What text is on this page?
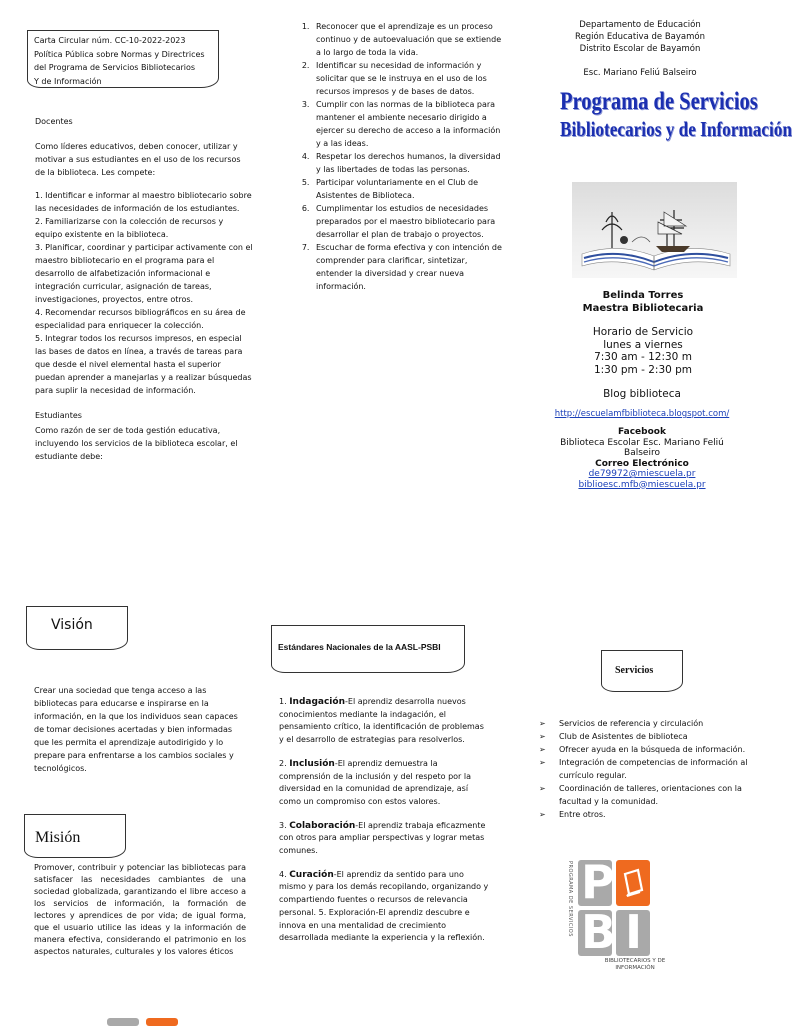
Carta Circular núm. CC-10-2022-2023
Política Pública sobre Normas y Directrices
del Programa de Servicios Bibliotecarios
Y de Información
Docentes
Como líderes educativos, deben conocer, utilizar y motivar a sus estudiantes en el uso de los recursos de la biblioteca. Les compete:
1. Identificar e informar al maestro bibliotecario sobre las necesidades de información de los estudiantes.
2. Familiarizarse con la colección de recursos y equipo existente en la biblioteca.
3. Planificar, coordinar y participar activamente con el maestro bibliotecario en el programa para el desarrollo de alfabetización informacional e integración curricular, asignación de tareas, investigaciones, proyectos, entre otros.
4. Recomendar recursos bibliográficos en su área de especialidad para enriquecer la colección.
5. Integrar todos los recursos impresos, en especial las bases de datos en línea, a través de tareas para que desde el nivel elemental hasta el superior puedan aprender a manejarlas y a realizar búsquedas para suplir la necesidad de información.
Estudiantes
Como razón de ser de toda gestión educativa, incluyendo los servicios de la biblioteca escolar, el estudiante debe:
1. Reconocer que el aprendizaje es un proceso continuo y de autoevaluación que se extiende a lo largo de toda la vida.
2. Identificar su necesidad de información y solicitar que se le instruya en el uso de los recursos impresos y de bases de datos.
3. Cumplir con las normas de la biblioteca para mantener el ambiente necesario dirigido a ejercer su derecho de acceso a la información y a las ideas.
4. Respetar los derechos humanos, la diversidad y las libertades de todas las personas.
5. Participar voluntariamente en el Club de Asistentes de Biblioteca.
6. Cumplimentar los estudios de necesidades preparados por el maestro bibliotecario para desarrollar el plan de trabajo o proyectos.
7. Escuchar de forma efectiva y con intención de comprender para clarificar, sintetizar, entender la diversidad y crear nueva información.
Departamento de Educación
Región Educativa de Bayamón
Distrito Escolar de Bayamón
Esc. Mariano Feliú Balseiro
Programa de Servicios
Bibliotecarios y de Información
Belinda Torres
Maestra Bibliotecaria
Horario de Servicio
lunes a viernes
7:30 am - 12:30 m
1:30 pm - 2:30 pm
Blog biblioteca
http://escuelamfbiblioteca.blogspot.com/
Facebook
Biblioteca Escolar Esc. Mariano Feliú Balseiro
Correo Electrónico
de79972@miescuela.pr
biblioesc.mfb@miescuela.pr
Visión
Crear una sociedad que tenga acceso a las bibliotecas para educarse e inspirarse en la información, en la que los individuos sean capaces de tomar decisiones acertadas y bien informadas que les permita el aprendizaje autodirigido y lo prepare para enfrentarse a los cambios sociales y tecnológicos.
Misión
Promover, contribuir y potenciar las bibliotecas para satisfacer las necesidades cambiantes de una sociedad globalizada, garantizando el libre acceso a los servicios de información, la formación de lectores y aprendices de por vida; de igual forma, que el usuario utilice las ideas y la información de manera efectiva, considerando el patrimonio en los aspectos naturales, culturales y los valores éticos
Estándares Nacionales de la AASL-PSBI

1. Indagación-El aprendiz desarrolla nuevos conocimientos mediante la indagación, el pensamiento crítico, la identificación de problemas y el desarrollo de estrategias para resolverlos.

2. Inclusión-El aprendiz demuestra la comprensión de la inclusión y del respeto por la diversidad en la comunidad de aprendizaje, así como un compromiso con estos valores.

3. Colaboración-El aprendiz trabaja eficazmente con otros para ampliar perspectivas y lograr metas comunes.

4. Curación-El aprendiz da sentido para uno mismo y para los demás recopilando, organizando y compartiendo fuentes o recursos de relevancia personal. 5. Exploración-El aprendiz descubre e innova en una mentalidad de crecimiento desarrollada mediante la experiencia y la reflexión.

Servicios
➢ Servicios de referencia y circulación
➢ Club de Asistentes de biblioteca
➢ Ofrecer ayuda en la búsqueda de información.
➢ Integración de competencias de información al currículo regular.
➢ Coordinación de talleres, orientaciones con la facultad y la comunidad.
➢ Entre otros.
PROGRAMA DE SERVICIOS P
B I
BIBLIOTECARIOS Y DE INFORMACIÓN
